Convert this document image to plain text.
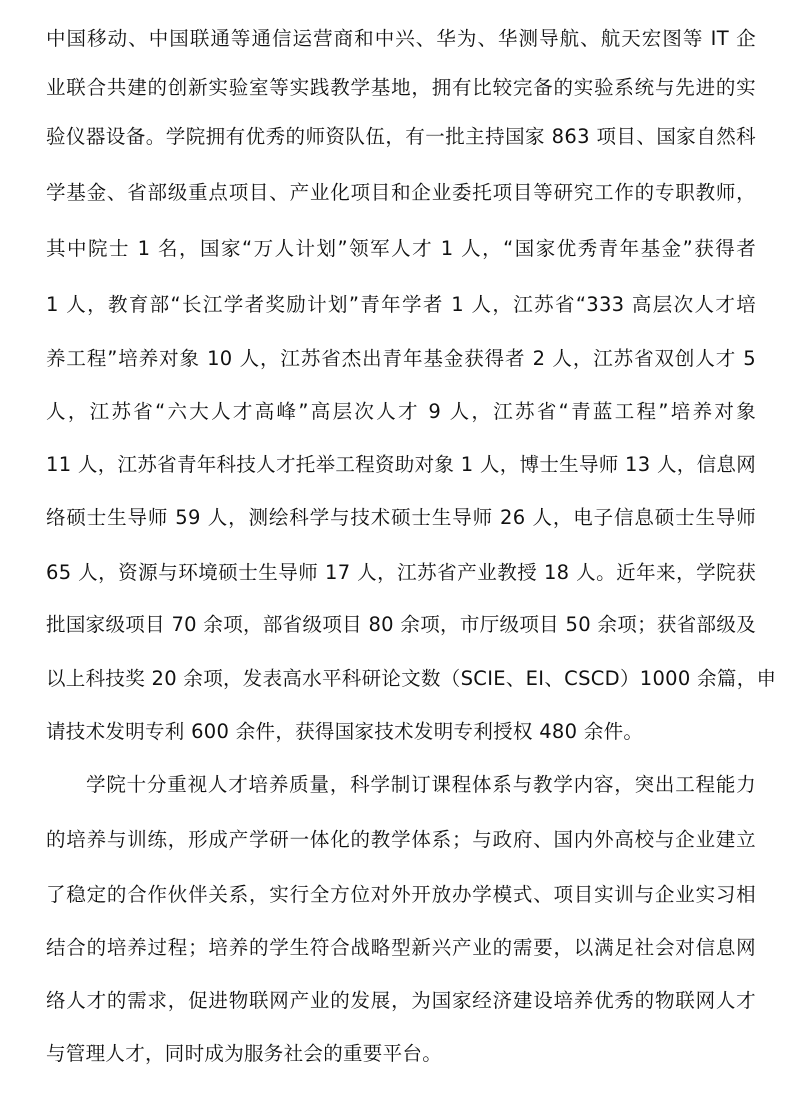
中国移动、中国联通等通信运营商和中兴、华为、华测导航、航天宏图等 IT 企
业联合共建的创新实验室等实践教学基地，拥有比较完备的实验系统与先进的实
验仪器设备。学院拥有优秀的师资队伍，有一批主持国家 863 项目、国家自然科
学基金、省部级重点项目、产业化项目和企业委托项目等研究工作的专职教师，
其中院士 1 名，国家“万人计划”领军人才 1 人，“国家优秀青年基金”获得者
1 人，教育部“长江学者奖励计划”青年学者 1 人，江苏省“333 高层次人才培
养工程”培养对象 10 人，江苏省杰出青年基金获得者 2 人，江苏省双创人才 5
人，江苏省“六大人才高峰”高层次人才 9 人，江苏省“青蓝工程”培养对象
11 人，江苏省青年科技人才托举工程资助对象 1 人，博士生导师 13 人，信息网
络硕士生导师 59 人，测绘科学与技术硕士生导师 26 人，电子信息硕士生导师
65 人，资源与环境硕士生导师 17 人，江苏省产业教授 18 人。近年来，学院获
批国家级项目 70 余项，部省级项目 80 余项，市厅级项目 50 余项；获省部级及
以上科技奖 20 余项，发表高水平科研论文数（SCIE、EI、CSCD）1000 余篇，申
请技术发明专利 600 余件，获得国家技术发明专利授权 480 余件。
学院十分重视人才培养质量，科学制订课程体系与教学内容，突出工程能力
的培养与训练，形成产学研一体化的教学体系；与政府、国内外高校与企业建立
了稳定的合作伙伴关系，实行全方位对外开放办学模式、项目实训与企业实习相
结合的培养过程；培养的学生符合战略型新兴产业的需要，以满足社会对信息网
络人才的需求，促进物联网产业的发展，为国家经济建设培养优秀的物联网人才
与管理人才，同时成为服务社会的重要平台。
